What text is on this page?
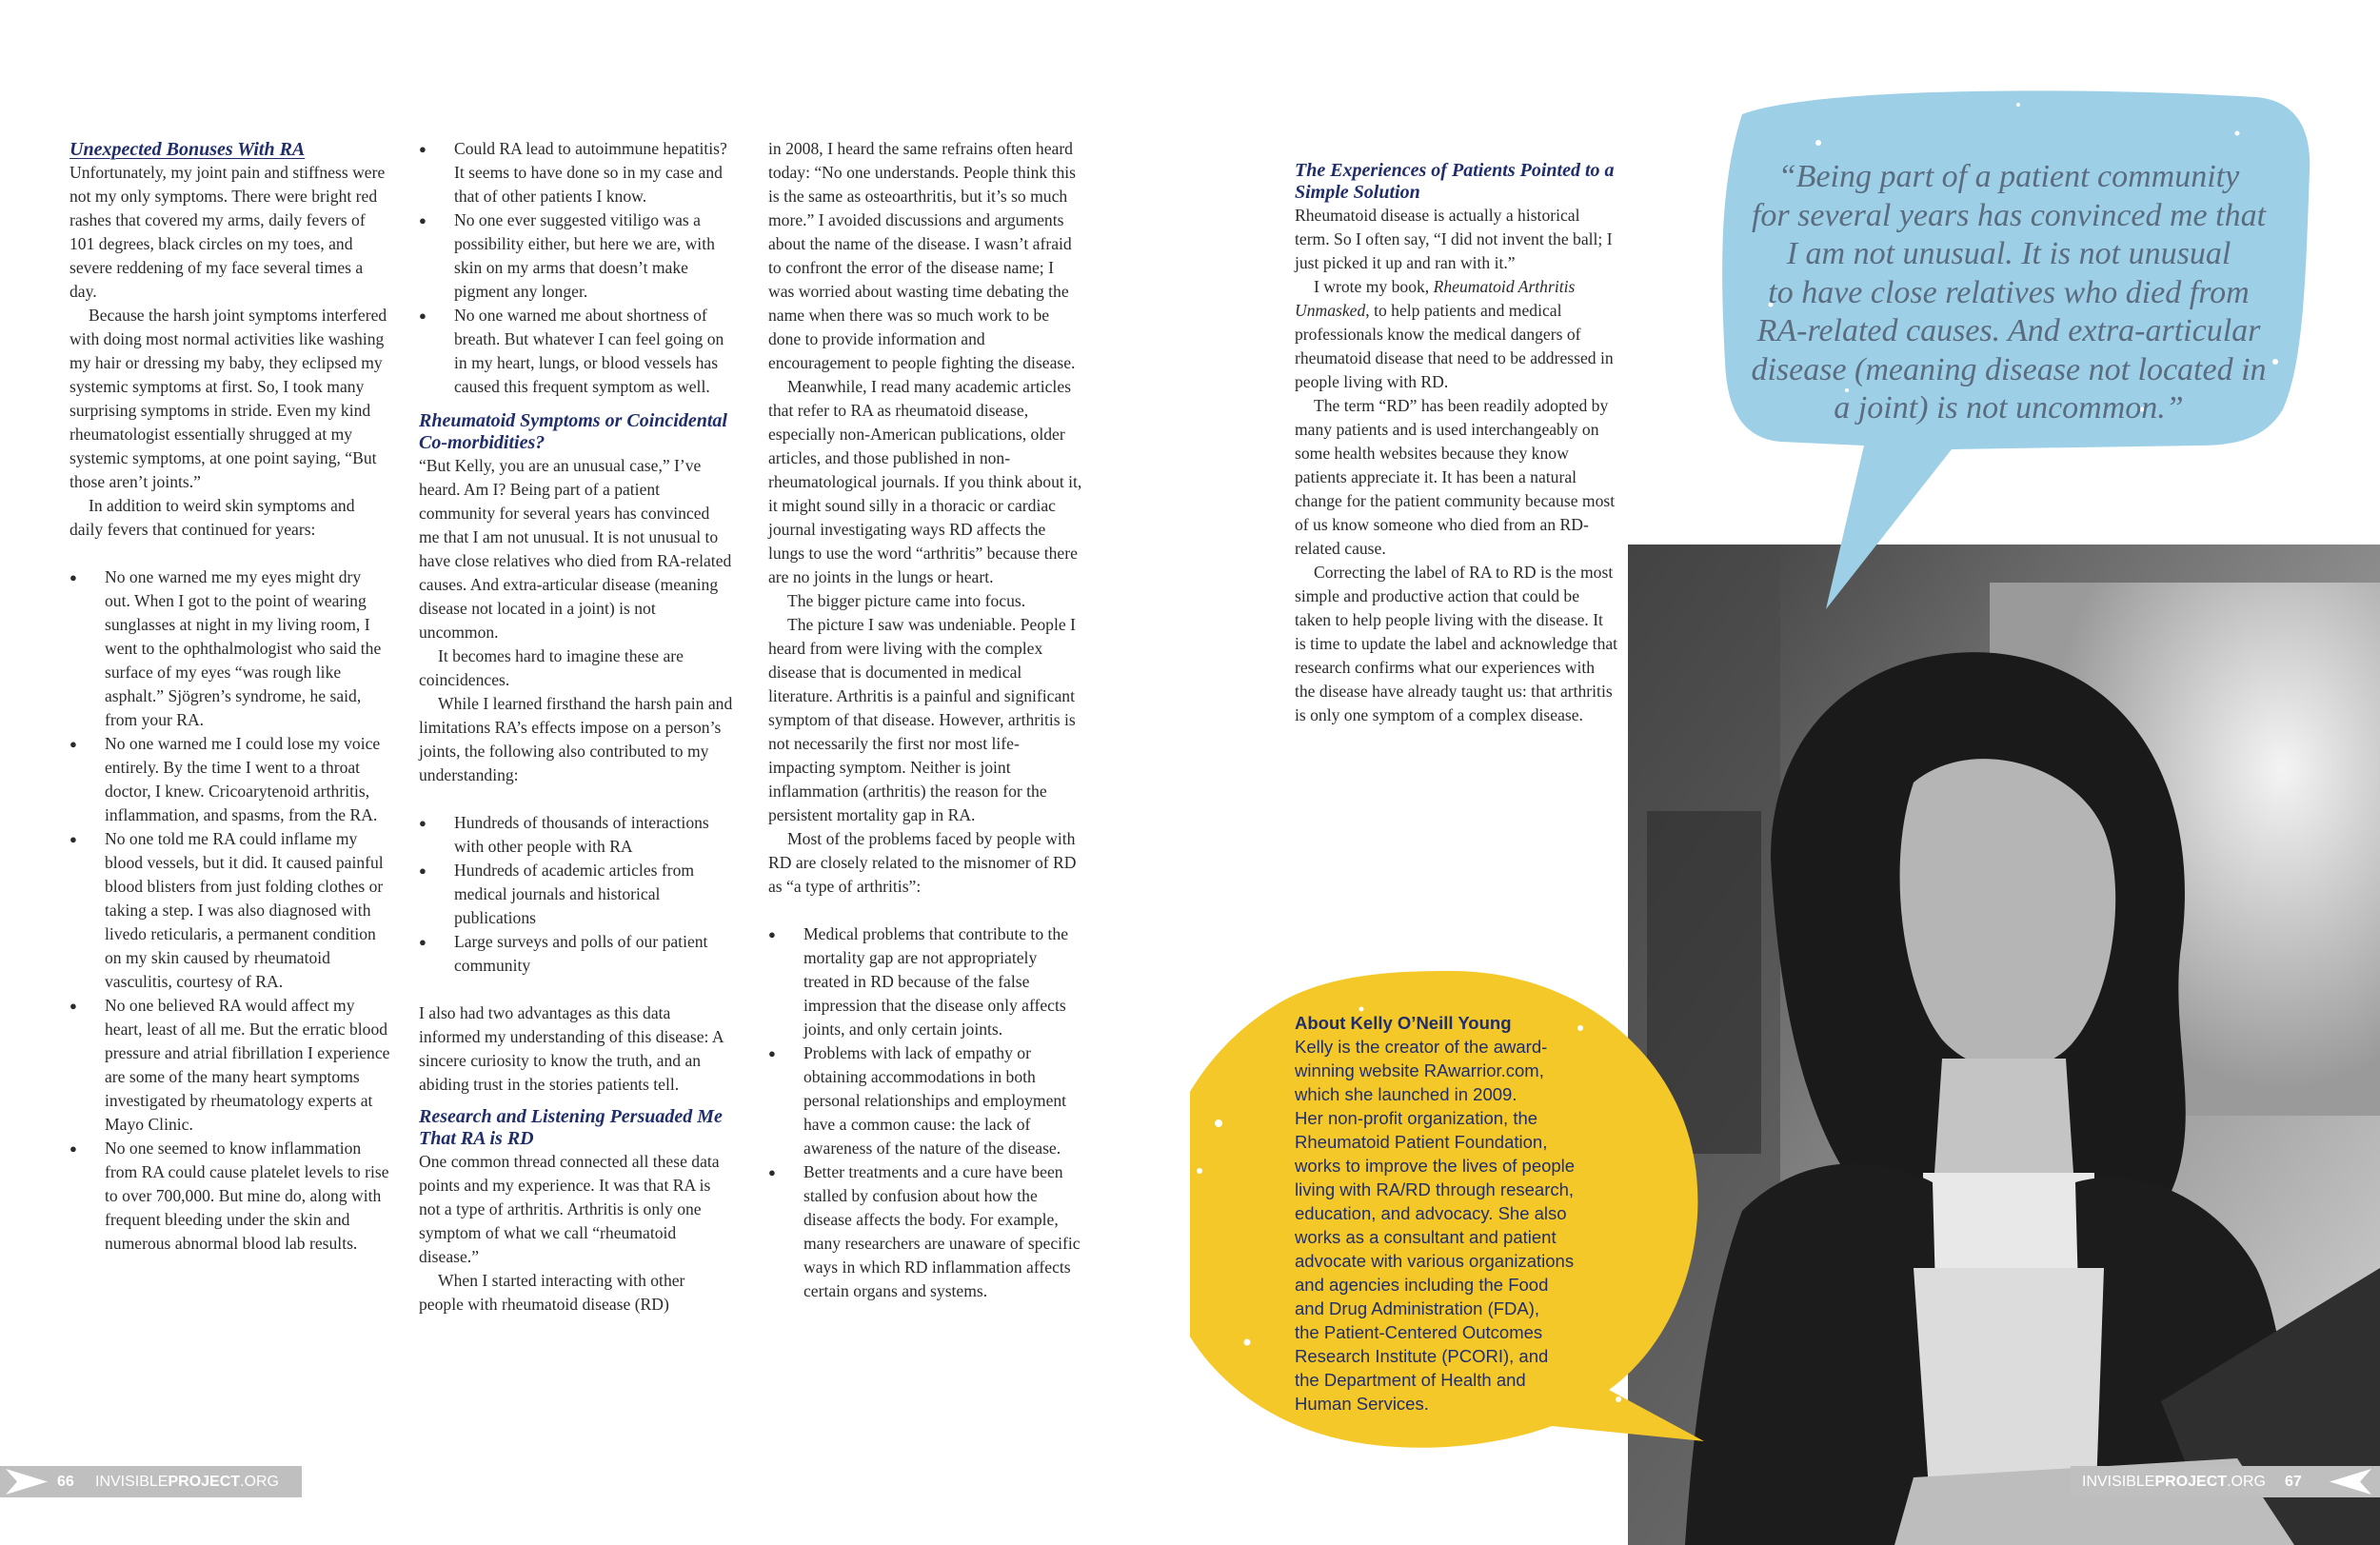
Unexpected Bonuses With RA

Unfortunately, my joint pain and stiffness were not my only symptoms. There were bright red rashes that covered my arms, daily fevers of 101 degrees, black circles on my toes, and severe reddening of my face several times a day.

Because the harsh joint symptoms interfered with doing most normal activities like washing my hair or dressing my baby, they eclipsed my systemic symptoms at first. So, I took many surprising symptoms in stride. Even my kind rheumatologist essentially shrugged at my systemic symptoms, at one point saying, “But those aren’t joints.”

In addition to weird skin symptoms and daily fevers that continued for years:

● No one warned me my eyes might dry out. When I got to the point of wearing sunglasses at night in my living room, I went to the ophthalmologist who said the surface of my eyes “was rough like asphalt.” Sjögren’s syndrome, he said, from your RA.
● No one warned me I could lose my voice entirely. By the time I went to a throat doctor, I knew. Cricoarytenoid arthritis, inflammation, and spasms, from the RA.
● No one told me RA could inflame my blood vessels, but it did. It caused painful blood blisters from just folding clothes or taking a step. I was also diagnosed with livedo reticularis, a permanent condition on my skin caused by rheumatoid vasculitis, courtesy of RA.
● No one believed RA would affect my heart, least of all me. But the erratic blood pressure and atrial fibrillation I experience are some of the many heart symptoms investigated by rheumatology experts at Mayo Clinic.
● No one seemed to know inflammation from RA could cause platelet levels to rise to over 700,000. But mine do, along with frequent bleeding under the skin and numerous abnormal blood lab results.
● Could RA lead to autoimmune hepatitis? It seems to have done so in my case and that of other patients I know.
● No one ever suggested vitiligo was a possibility either, but here we are, with skin on my arms that doesn’t make pigment any longer.
● No one warned me about shortness of breath. But whatever I can feel going on in my heart, lungs, or blood vessels has caused this frequent symptom as well.
Rheumatoid Symptoms or Coincidental Co-morbidities?

“But Kelly, you are an unusual case,” I’ve heard. Am I? Being part of a patient community for several years has convinced me that I am not unusual. It is not unusual to have close relatives who died from RA-related causes. And extra-articular disease (meaning disease not located in a joint) is not uncommon.

It becomes hard to imagine these are coincidences.

While I learned firsthand the harsh pain and limitations RA’s effects impose on a person’s joints, the following also contributed to my understanding:

● Hundreds of thousands of interactions with other people with RA
● Hundreds of academic articles from medical journals and historical publications
● Large surveys and polls of our patient community

I also had two advantages as this data informed my understanding of this disease: A sincere curiosity to know the truth, and an abiding trust in the stories patients tell.

Research and Listening Persuaded Me That RA is RD

One common thread connected all these data points and my experience. It was that RA is not a type of arthritis. Arthritis is only one symptom of what we call “rheumatoid disease.”

When I started interacting with other people with rheumatoid disease (RD)

in 2008, I heard the same refrains often heard today: “No one understands. People think this is the same as osteoarthritis, but it’s so much more.” I avoided discussions and arguments about the name of the disease. I wasn’t afraid to confront the error of the disease name; I was worried about wasting time debating the name when there was so much work to be done to provide information and encouragement to people fighting the disease.

Meanwhile, I read many academic articles that refer to RA as rheumatoid disease, especially non-American publications, older articles, and those published in non-rheumatological journals. If you think about it, it might sound silly in a thoracic or cardiac journal investigating ways RD affects the lungs to use the word “arthritis” because there are no joints in the lungs or heart.

The bigger picture came into focus.

The picture I saw was undeniable. People I heard from were living with the complex disease that is documented in medical literature. Arthritis is a painful and significant symptom of that disease. However, arthritis is not necessarily the first nor most life-impacting symptom. Neither is joint inflammation (arthritis) the reason for the persistent mortality gap in RA.

Most of the problems faced by people with RD are closely related to the misnomer of RD as “a type of arthritis”:

● Medical problems that contribute to the mortality gap are not appropriately treated in RD because of the false impression that the disease only affects joints, and only certain joints.
● Problems with lack of empathy or obtaining accommodations in both personal relationships and employment have a common cause: the lack of awareness of the nature of the disease.
● Better treatments and a cure have been stalled by confusion about how the disease affects the body. For example, many researchers are unaware of specific ways in which RD inflammation affects certain organs and systems.
66 INVISIBLEPROJECT.ORG
The Experiences of Patients Pointed to a Simple Solution

Rheumatoid disease is actually a historical term. So I often say, “I did not invent the ball; I just picked it up and ran with it.”

I wrote my book, Rheumatoid Arthritis Unmasked, to help patients and medical professionals know the medical dangers of rheumatoid disease that need to be addressed in people living with RD.

The term “RD” has been readily adopted by many patients and is used interchangeably on some health websites because they know patients appreciate it. It has been a natural change for the patient community because most of us know someone who died from an RD-related cause.

Correcting the label of RA to RD is the most simple and productive action that could be taken to help people living with the disease. It is time to update the label and acknowledge that research confirms what our experiences with the disease have already taught us: that arthritis is only one symptom of a complex disease.

“Being part of a patient community
for several years has convinced me that
I am not unusual. It is not unusual
to have close relatives who died from
RA-related causes. And extra-articular
disease (meaning disease not located in
a joint) is not uncommon.”
About Kelly O’Neill Young

Kelly is the creator of the award-

winning website RAwarrior.com,

which she launched in 2009.

Her non-profit organization, the

Rheumatoid Patient Foundation,

works to improve the lives of people

living with RA/RD through research,

education, and advocacy. She also

works as a consultant and patient

advocate with various organizations

and agencies including the Food

and Drug Administration (FDA),

the Patient-Centered Outcomes

Research Institute (PCORI), and

the Department of Health and

Human Services.

INVISIBLEPROJECT.ORG 67
